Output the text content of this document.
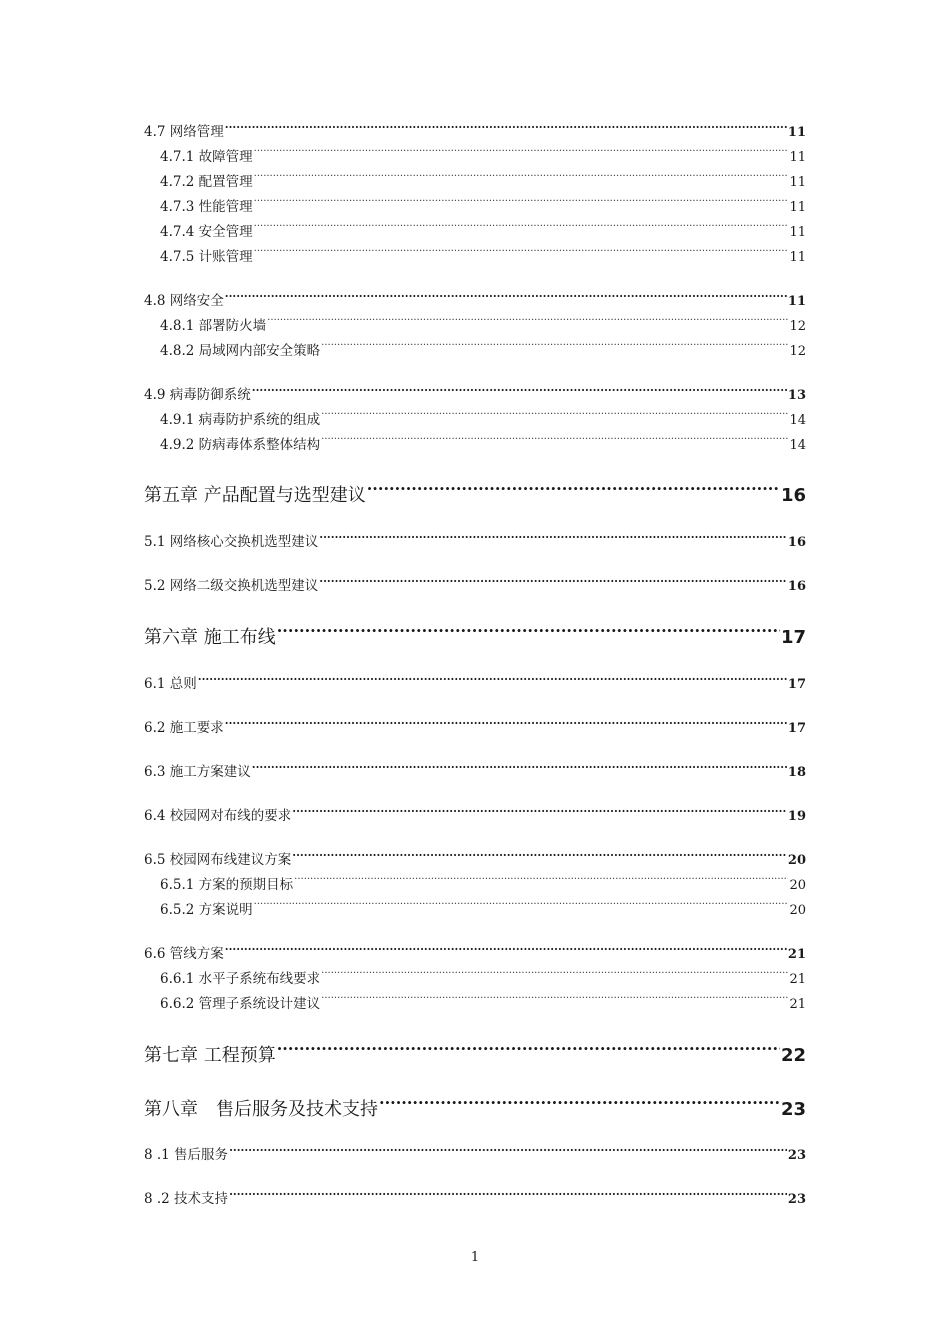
4.7 网络管理 .....	11
4.7.1 故障管理 .....	11
4.7.2 配置管理 .....	11
4.7.3 性能管理 .....	11
4.7.4 安全管理 .....	11
4.7.5 计账管理 .....	11
4.8 网络安全 .....	11
4.8.1 部署防火墙 .....	12
4.8.2 局域网内部安全策略 .....	12
4.9 病毒防御系统 .....	13
4.9.1 病毒防护系统的组成 .....	14
4.9.2 防病毒体系整体结构 .....	14
第五章 产品配置与选型建议 .....	16
5.1 网络核心交换机选型建议 .....	16
5.2 网络二级交换机选型建议 .....	16
第六章 施工布线 .....	17
6.1 总则 .....	17
6.2 施工要求 .....	17
6.3 施工方案建议 .....	18
6.4 校园网对布线的要求 .....	19
6.5 校园网布线建议方案 .....	20
6.5.1 方案的预期目标 .....	20
6.5.2 方案说明 .....	20
6.6 管线方案 .....	21
6.6.1 水平子系统布线要求 .....	21
6.6.2 管理子系统设计建议 .....	21
第七章 工程预算 .....	22
第八章　售后服务及技术支持 .....	23
8 .1 售后服务 .....	23
8 .2 技术支持 .....	23
1
